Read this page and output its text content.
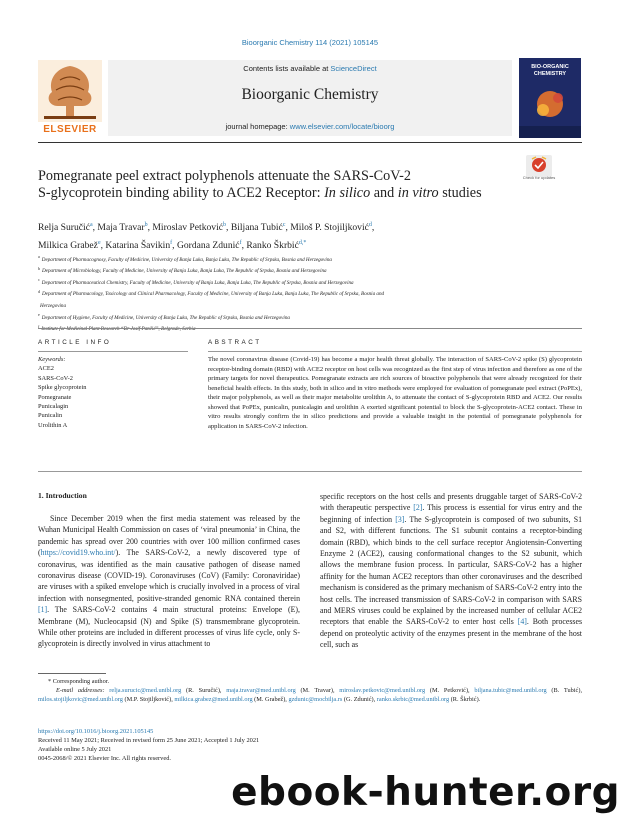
Bioorganic Chemistry 114 (2021) 105145
ELSEVIER
Contents lists available at ScienceDirect
Bioorganic Chemistry
journal homepage: www.elsevier.com/locate/bioorg
BIO-ORGANIC CHEMISTRY
Pomegranate peel extract polyphenols attenuate the SARS-CoV-2
S-glycoprotein binding ability to ACE2 Receptor: In silico and in vitro studies
Check for updates
Relja Suručić$^a$, Maja Travar$^b$, Miroslav Petković$^b$, Biljana Tubić$^c$, Miloš P. Stojiljković$^d$,
Milkica Grabež$^e$, Katarina Šavikin$^f$, Gordana Zdunić$^f$, Ranko Škrbić$^{d,*}$
$^a$Department of Pharmacognosy, Faculty of Medicine, University of Banja Luka, Banja Luka, The Republic of Srpska, Bosnia and Herzegovina
$^b$Department of Microbiology, Faculty of Medicine, University of Banja Luka, Banja Luka, The Republic of Srpska, Bosnia and Herzegovina
$^c$Department of Pharmaceutical Chemistry, Faculty of Medicine, University of Banja Luka, Banja Luka, The Republic of Srpska, Bosnia and Herzegovina
$^d$Department of Pharmacology, Toxicology and Clinical Pharmacology, Faculty of Medicine, University of Banja Luka, Banja Luka, The Republic of Srpska, Bosnia and
Herzegovina
$^e$Department of Hygiene, Faculty of Medicine, University of Banja Luka, The Republic of Srpska, Bosnia and Herzegovina
$^f$Institute for Medicinal Plant Research “Dr Josif Pančić”, Belgrade, Serbia
ARTICLE INFO
Keywords:
ACE2
SARS-CoV-2
Spike glycoprotein
Pomegranate
Punicalagin
Punicalin
Urolithin A
ABSTRACT
The novel coronavirus disease (Covid-19) has become a major health threat globally. The interaction of SARS-CoV-2 spike (S) glycoprotein receptor-binding domain (RBD) with ACE2 receptor on host cells was recognized as the first step of virus infection and therefore as one of the primary targets for novel therapeutics. Pomegranate extracts are rich sources of bioactive polyphenols that were already recognized for their beneficial health effects. In this study, both in silico and in vitro methods were employed for evaluation of pomegranate peel extract (PoPEx), their major polyphenols, as well as their major metabolite urolithin A, to attenuate the contact of S-glycoprotein RBD and ACE2. Our results showed that PoPEx, punicalin, punicalagin and urolithin A exerted significant potential to block the S-glycoprotein-ACE2 contact. These in vitro results strongly confirm the in silico predictions and provide a valuable insight in the potential of pomegranate polyphenols for application in SARS-CoV-2 infection.
1. Introduction
Since December 2019 when the first media statement was released by the Wuhan Municipal Health Commission on cases of ‘viral pneumonia’ in China, the pandemic has spread over 200 countries with over 100 million confirmed cases (https://covid19.who.int/). The SARS-CoV-2, a newly discovered type of coronavirus, was identified as the main causative pathogen of disease named coronavirus disease (COVID-19). Coronaviruses (CoV) (Family: Coronaviridae) are viruses with a spiked envelope which is crucially involved in a process of viral infection with nonsegmented, positive-stranded genomic RNA contained therein [1]. The SARS-CoV-2 contains 4 main structural proteins: Envelope (E), Membrane (M), Nucleocapsid (N) and Spike (S) transmembrane glycoprotein. While other proteins are included in different processes of virus life cycle, only S-glycoprotein is directly involved in virus attachment to
specific receptors on the host cells and presents druggable target of SARS-CoV-2 with therapeutic perspective [2]. This process is essential for virus entry and the beginning of infection [3]. The S-glycoprotein is composed of two subunits, S1 and S2, with different functions. The S1 subunit contains a receptor-binding domain (RBD), which binds to the cell surface receptor Angiotensin-Converting Enzyme 2 (ACE2), causing conformational changes to the S2 subunit, which allows the membrane fusion process. In particular, SARS-CoV-2 has a higher affinity for the human ACE2 receptors than other coronaviruses and the described mechanism is considered as the primary mechanism of SARS-CoV-2 entry into the host cells. The increased transmission of SARS-CoV-2 in comparison with SARS and MERS viruses could be explained by the increased number of cellular ACE2 receptors that enable the SARS-CoV-2 to enter host cells [4]. Both processes depend on proteolytic activity of the enzymes present in the membrane of the host cell, such as
* Corresponding author.
E-mail addresses: relja.surucic@med.unibl.org (R. Suručić), maja.travar@med.unibl.org (M. Travar), miroslav.petkovic@med.unibl.org (M. Petković), biljana.tubic@med.unibl.org (B. Tubić), milos.stojiljkovic@med.unibl.org (M.P. Stojiljković), milkica.grabez@med.unibl.org (M. Grabež), gzdunic@mocbilja.rs (G. Zdunić), ranko.skrbic@med.unibl.org (R. Škrbić).
https://doi.org/10.1016/j.bioorg.2021.105145
Received 11 May 2021; Received in revised form 25 June 2021; Accepted 1 July 2021
Available online 5 July 2021
0045-2068/© 2021 Elsevier Inc. All rights reserved.
ebook-hunter.org
